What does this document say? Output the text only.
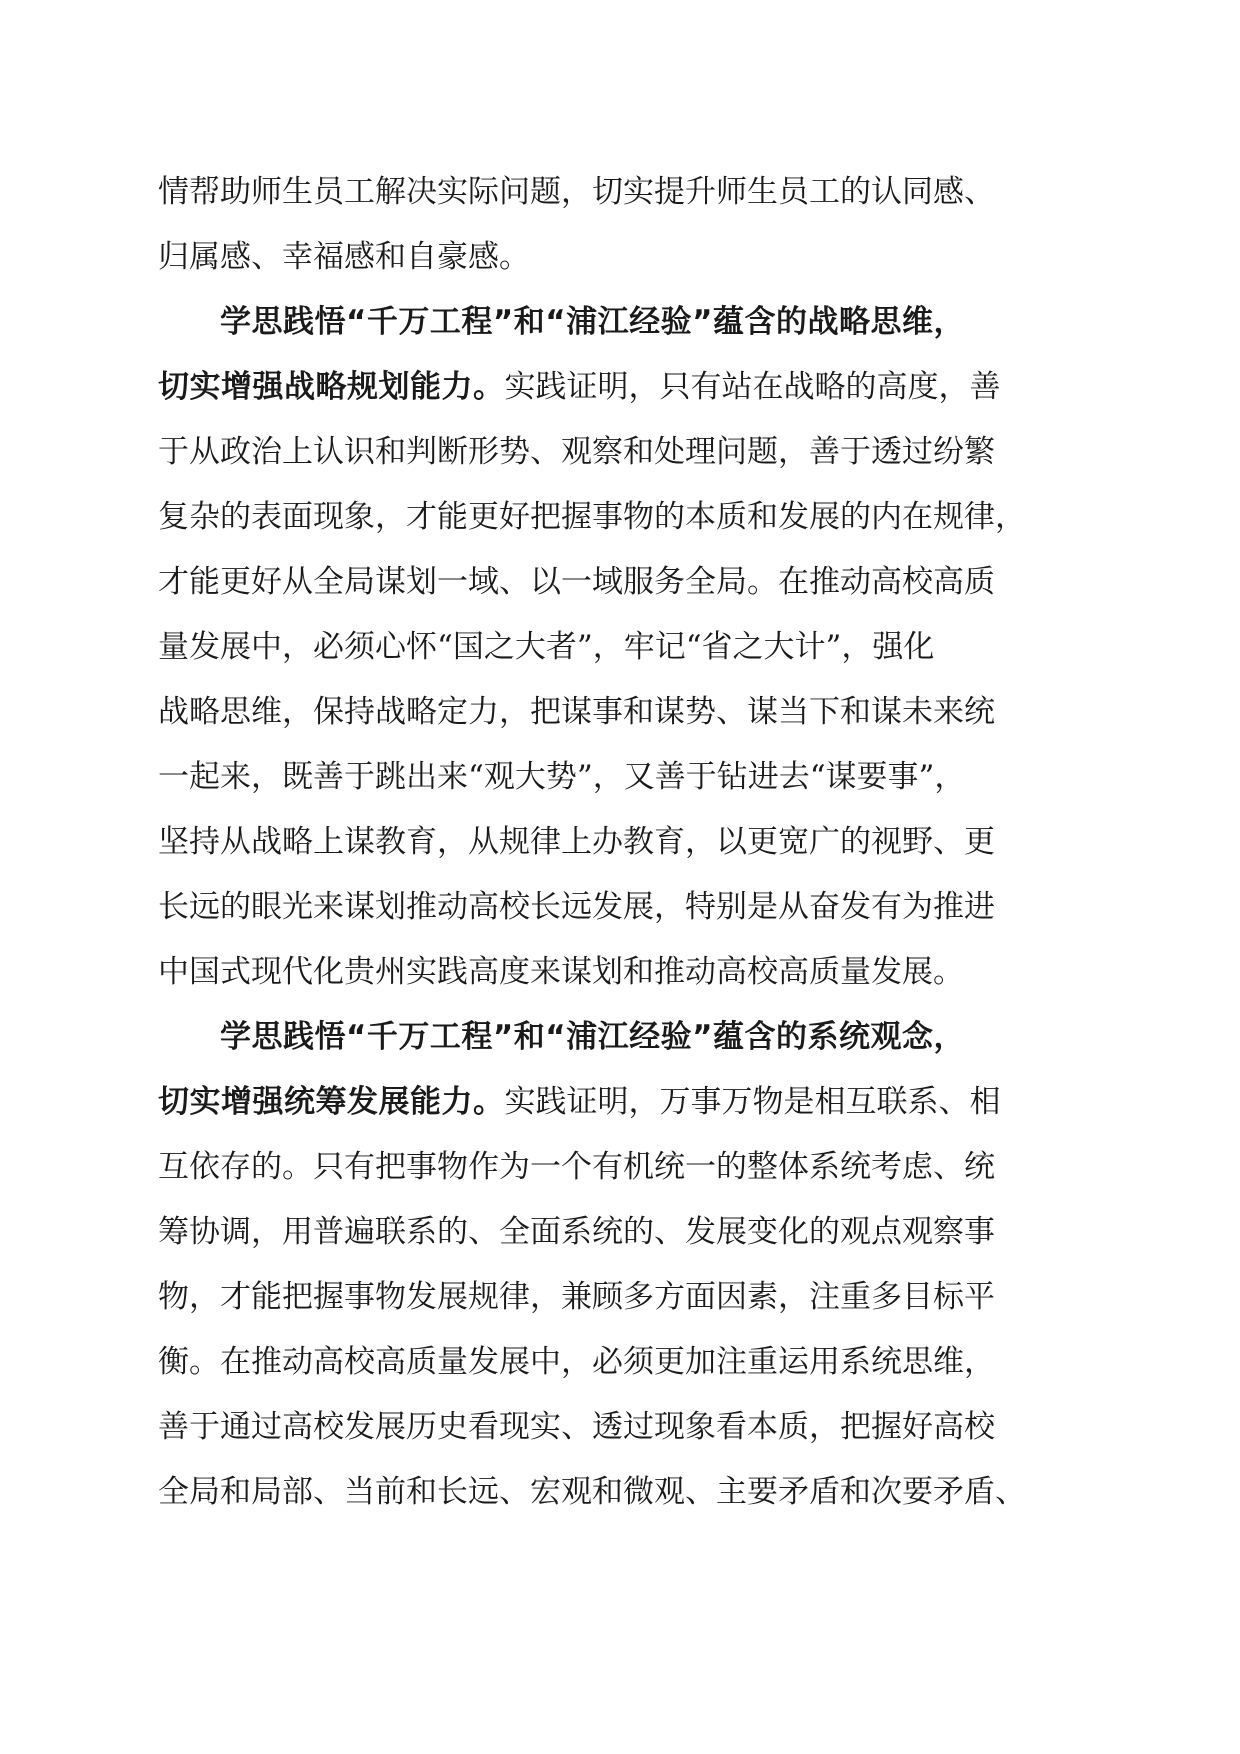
情帮助师生员工解决实际问题，切实提升师生员工的认同感、

归属感、幸福感和自豪感。

学思践悟“千万工程”和“浦江经验”蕴含的战略思维，

切实增强战略规划能力。实践证明，只有站在战略的高度，善

于从政治上认识和判断形势、观察和处理问题，善于透过纷繁

复杂的表面现象，才能更好把握事物的本质和发展的内在规律，

才能更好从全局谋划一域、以一域服务全局。在推动高校高质

量发展中，必须心怀“国之大者”，牢记“省之大计”，强化

战略思维，保持战略定力，把谋事和谋势、谋当下和谋未来统

一起来，既善于跳出来“观大势”，又善于钻进去“谋要事”，

坚持从战略上谋教育，从规律上办教育，以更宽广的视野、更

长远的眼光来谋划推动高校长远发展，特别是从奋发有为推进

中国式现代化贵州实践高度来谋划和推动高校高质量发展。

学思践悟“千万工程”和“浦江经验”蕴含的系统观念，

切实增强统筹发展能力。实践证明，万事万物是相互联系、相

互依存的。只有把事物作为一个有机统一的整体系统考虑、统

筹协调，用普遍联系的、全面系统的、发展变化的观点观察事

物，才能把握事物发展规律，兼顾多方面因素，注重多目标平

衡。在推动高校高质量发展中，必须更加注重运用系统思维，

善于通过高校发展历史看现实、透过现象看本质，把握好高校

全局和局部、当前和长远、宏观和微观、主要矛盾和次要矛盾、
